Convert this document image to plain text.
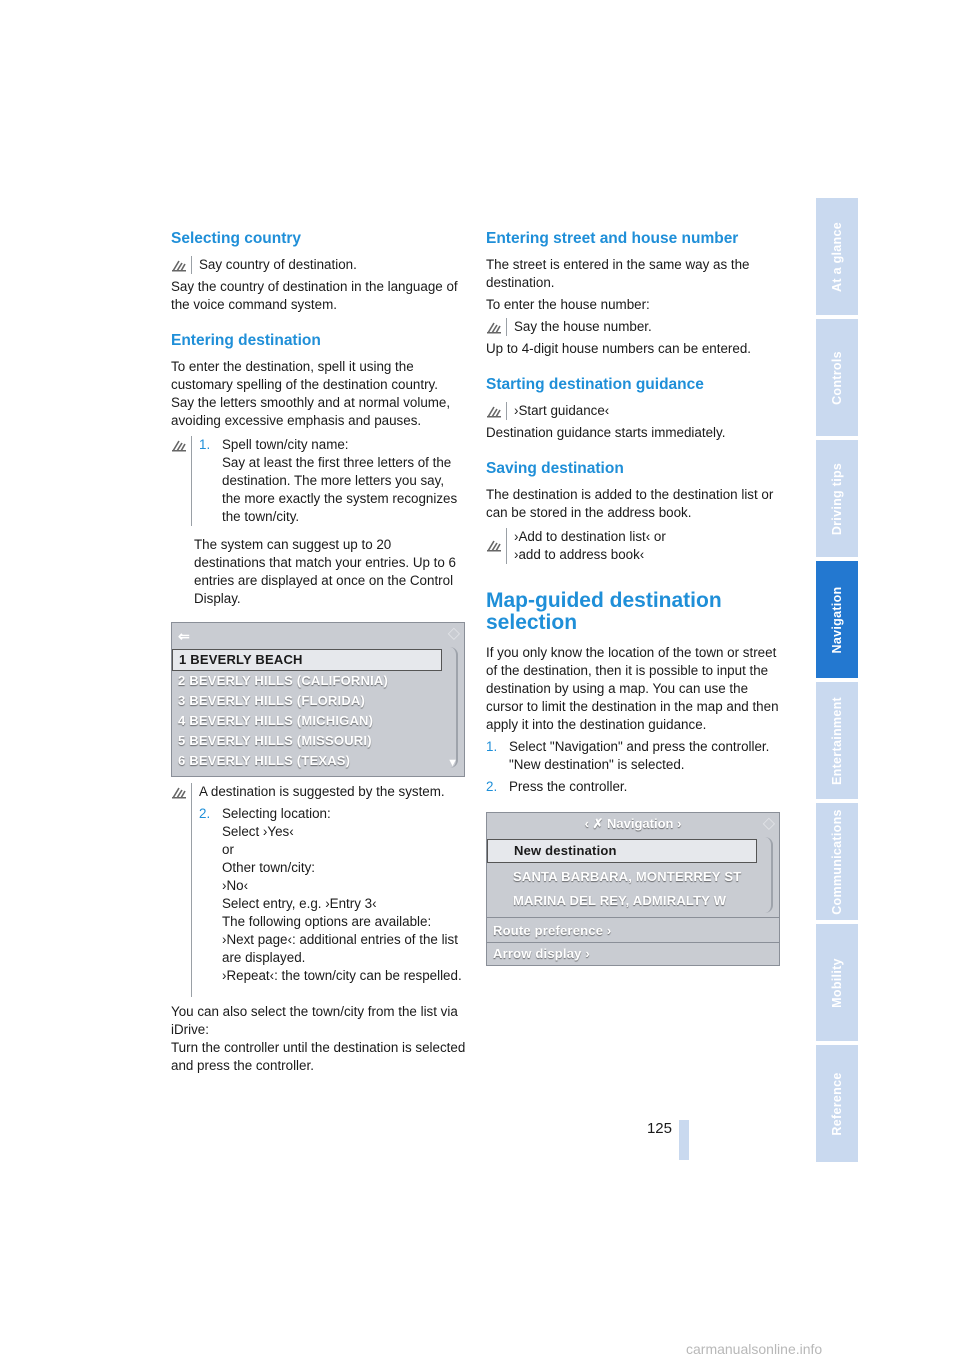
Selecting country

Say country of destination.

Say the country of destination in the language of the voice command system.

Entering destination

To enter the destination, spell it using the customary spelling of the destination country.

Say the letters smoothly and at normal volume, avoiding excessive emphasis and pauses.

1. Spell town/city name:

Say at least the first three letters of the destination. The more letters you say, the more exactly the system recognizes the town/city.

The system can suggest up to 20 destinations that match your entries. Up to 6 entries are displayed at once on the Control Display.

⇐	◇
▼
1 BEVERLY BEACH
2 BEVERLY HILLS (CALIFORNIA)
3 BEVERLY HILLS (FLORIDA)
4 BEVERLY HILLS (MICHIGAN)
5 BEVERLY HILLS (MISSOURI)
6 BEVERLY HILLS (TEXAS)

A destination is suggested by the system.

2. Selecting location:

Select ›Yes‹

or

Other town/city:

›No‹

Select entry, e.g. ›Entry 3‹

The following options are available:

›Next page‹: additional entries of the list are displayed.

›Repeat‹: the town/city can be respelled.

You can also select the town/city from the list via iDrive:

Turn the controller until the destination is selected and press the controller.

Entering street and house number

The street is entered in the same way as the destination.

To enter the house number:

Say the house number.

Up to 4-digit house numbers can be entered.

Starting destination guidance

›Start guidance‹

Destination guidance starts immediately.

Saving destination

The destination is added to the destination list or can be stored in the address book.

›Add to destination list‹ or

›add to address book‹

Map-guided destination selection

If you only know the location of the town or street of the destination, then it is possible to input the destination by using a map. You can use the cursor to limit the destination in the map and then apply it into the destination guidance.

1. Select "Navigation" and press the controller.

"New destination" is selected.

2. Press the controller.

‹ ✗ Navigation ›	◇
New destination
SANTA BARBARA, MONTERREY ST
MARINA DEL REY, ADMIRALTY W
Route preference ›
Arrow display ›
At a glance
Controls
Driving tips
Navigation
Entertainment
Communications
Mobility
Reference
125
carmanualsonline.info
